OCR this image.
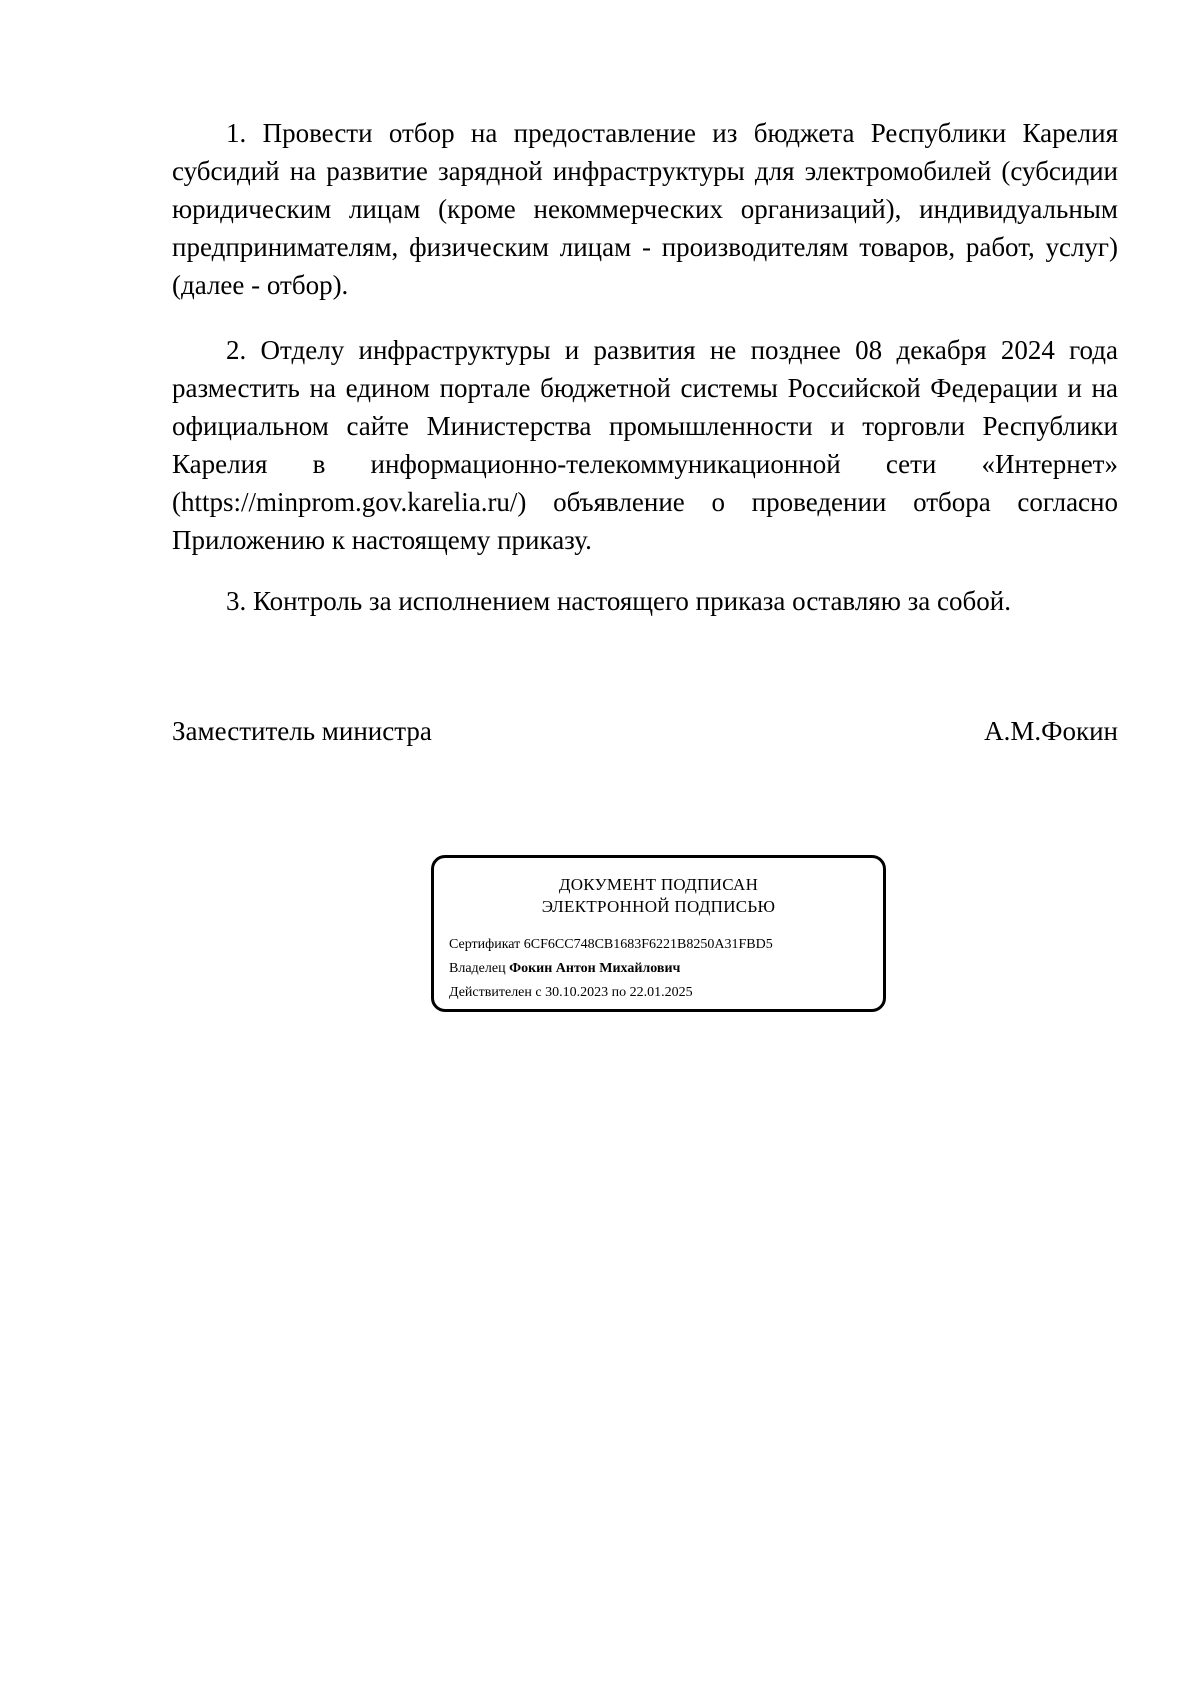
1. Провести отбор на предоставление из бюджета Республики Карелия субсидий на развитие зарядной инфраструктуры для электромобилей (субсидии юридическим лицам (кроме некоммерческих организаций), индивидуальным предпринимателям, физическим лицам - производителям товаров, работ, услуг) (далее - отбор).

2. Отделу инфраструктуры и развития не позднее 08 декабря 2024 года разместить на едином портале бюджетной системы Российской Федерации и на официальном сайте Министерства промышленности и торговли Республики Карелия в информационно-телекоммуникационной сети «Интернет» (https://minprom.gov.karelia.ru/) объявление о проведении отбора согласно Приложению к настоящему приказу.

3. Контроль за исполнением настоящего приказа оставляю за собой.

Заместитель министра	А.М.Фокин
ДОКУМЕНТ ПОДПИСАН
ЭЛЕКТРОННОЙ ПОДПИСЬЮ
Сертификат 6CF6CC748CB1683F6221B8250A31FBD5
Владелец Фокин Антон Михайлович
Действителен с 30.10.2023 по 22.01.2025
